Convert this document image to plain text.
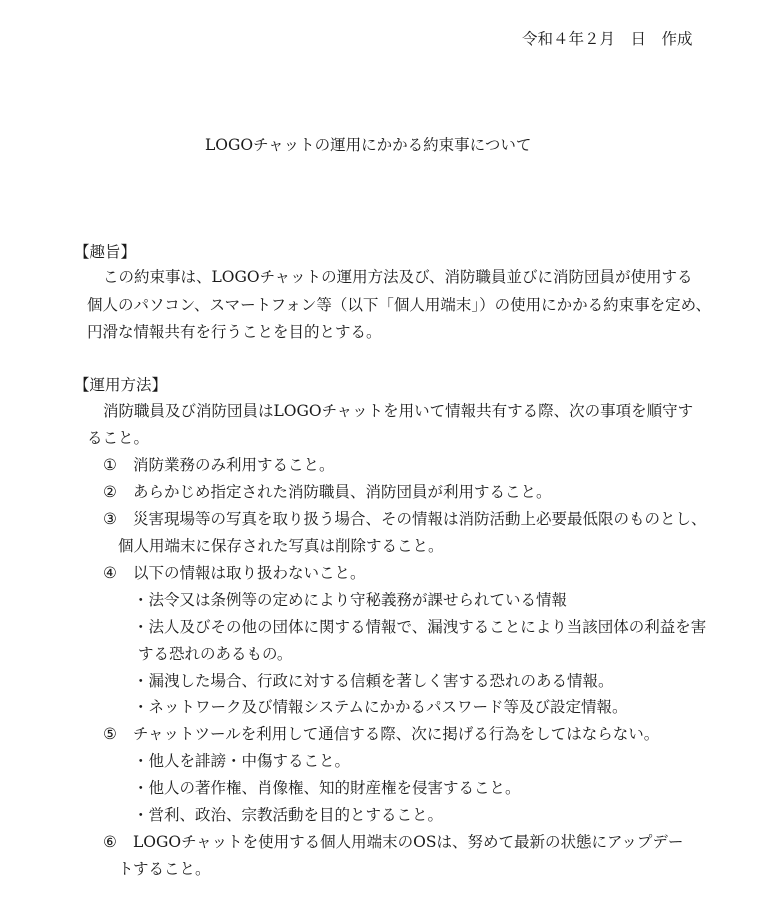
令和４年２月　日　作成
LOGOチャットの運用にかかる約束事について
【趣旨】
この約束事は、LOGOチャットの運用方法及び、消防職員並びに消防団員が使用する
個人のパソコン、スマートフォン等（以下「個人用端末」）の使用にかかる約束事を定め、
円滑な情報共有を行うことを目的とする。
【運用方法】
消防職員及び消防団員はLOGOチャットを用いて情報共有する際、次の事項を順守す
ること。
① 消防業務のみ利用すること。
② あらかじめ指定された消防職員、消防団員が利用すること。
③ 災害現場等の写真を取り扱う場合、その情報は消防活動上必要最低限のものとし、
個人用端末に保存された写真は削除すること。
④ 以下の情報は取り扱わないこと。
・法令又は条例等の定めにより守秘義務が課せられている情報
・法人及びその他の団体に関する情報で、漏洩することにより当該団体の利益を害
する恐れのあるもの。
・漏洩した場合、行政に対する信頼を著しく害する恐れのある情報。
・ネットワーク及び情報システムにかかるパスワード等及び設定情報。
⑤ チャットツールを利用して通信する際、次に掲げる行為をしてはならない。
・他人を誹謗・中傷すること。
・他人の著作権、肖像権、知的財産権を侵害すること。
・営利、政治、宗教活動を目的とすること。
⑥ LOGOチャットを使用する個人用端末のOSは、努めて最新の状態にアップデー
トすること。
